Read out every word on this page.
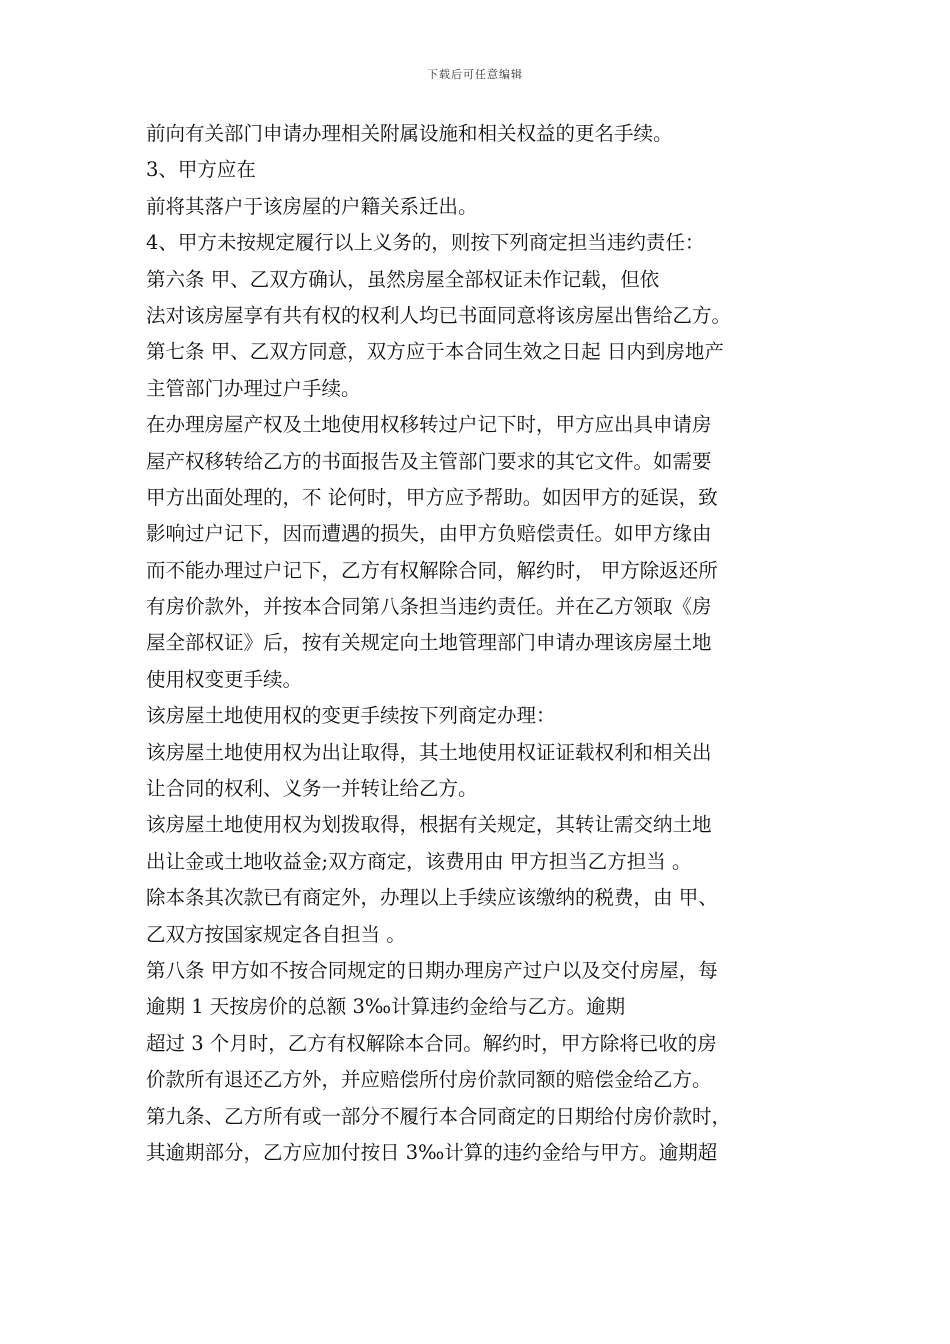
下载后可任意编辑
前向有关部门申请办理相关附属设施和相关权益的更名手续。
3、甲方应在
前将其落户于该房屋的户籍关系迁出。
4、甲方未按规定履行以上义务的，则按下列商定担当违约责任：
第六条 甲、乙双方确认，虽然房屋全部权证未作记载，但依
法对该房屋享有共有权的权利人均已书面同意将该房屋出售给乙方。
第七条 甲、乙双方同意，双方应于本合同生效之日起 日内到房地产
主管部门办理过户手续。
在办理房屋产权及土地使用权移转过户记下时，甲方应出具申请房
屋产权移转给乙方的书面报告及主管部门要求的其它文件。如需要
甲方出面处理的，不 论何时，甲方应予帮助。如因甲方的延误，致
影响过户记下，因而遭遇的损失，由甲方负赔偿责任。如甲方缘由
而不能办理过户记下，乙方有权解除合同，解约时， 甲方除返还所
有房价款外，并按本合同第八条担当违约责任。并在乙方领取《房
屋全部权证》后，按有关规定向土地管理部门申请办理该房屋土地
使用权变更手续。
该房屋土地使用权的变更手续按下列商定办理：
该房屋土地使用权为出让取得，其土地使用权证证载权利和相关出
让合同的权利、义务一并转让给乙方。
该房屋土地使用权为划拨取得，根据有关规定，其转让需交纳土地
出让金或土地收益金;双方商定，该费用由 甲方担当乙方担当 。
除本条其次款已有商定外，办理以上手续应该缴纳的税费，由 甲、
乙双方按国家规定各自担当 。
第八条 甲方如不按合同规定的日期办理房产过户以及交付房屋，每
逾期 1 天按房价的总额 3‰计算违约金给与乙方。逾期
超过 3 个月时，乙方有权解除本合同。解约时，甲方除将已收的房
价款所有退还乙方外，并应赔偿所付房价款同额的赔偿金给乙方。
第九条、乙方所有或一部分不履行本合同商定的日期给付房价款时，
其逾期部分，乙方应加付按日 3‰计算的违约金给与甲方。逾期超
